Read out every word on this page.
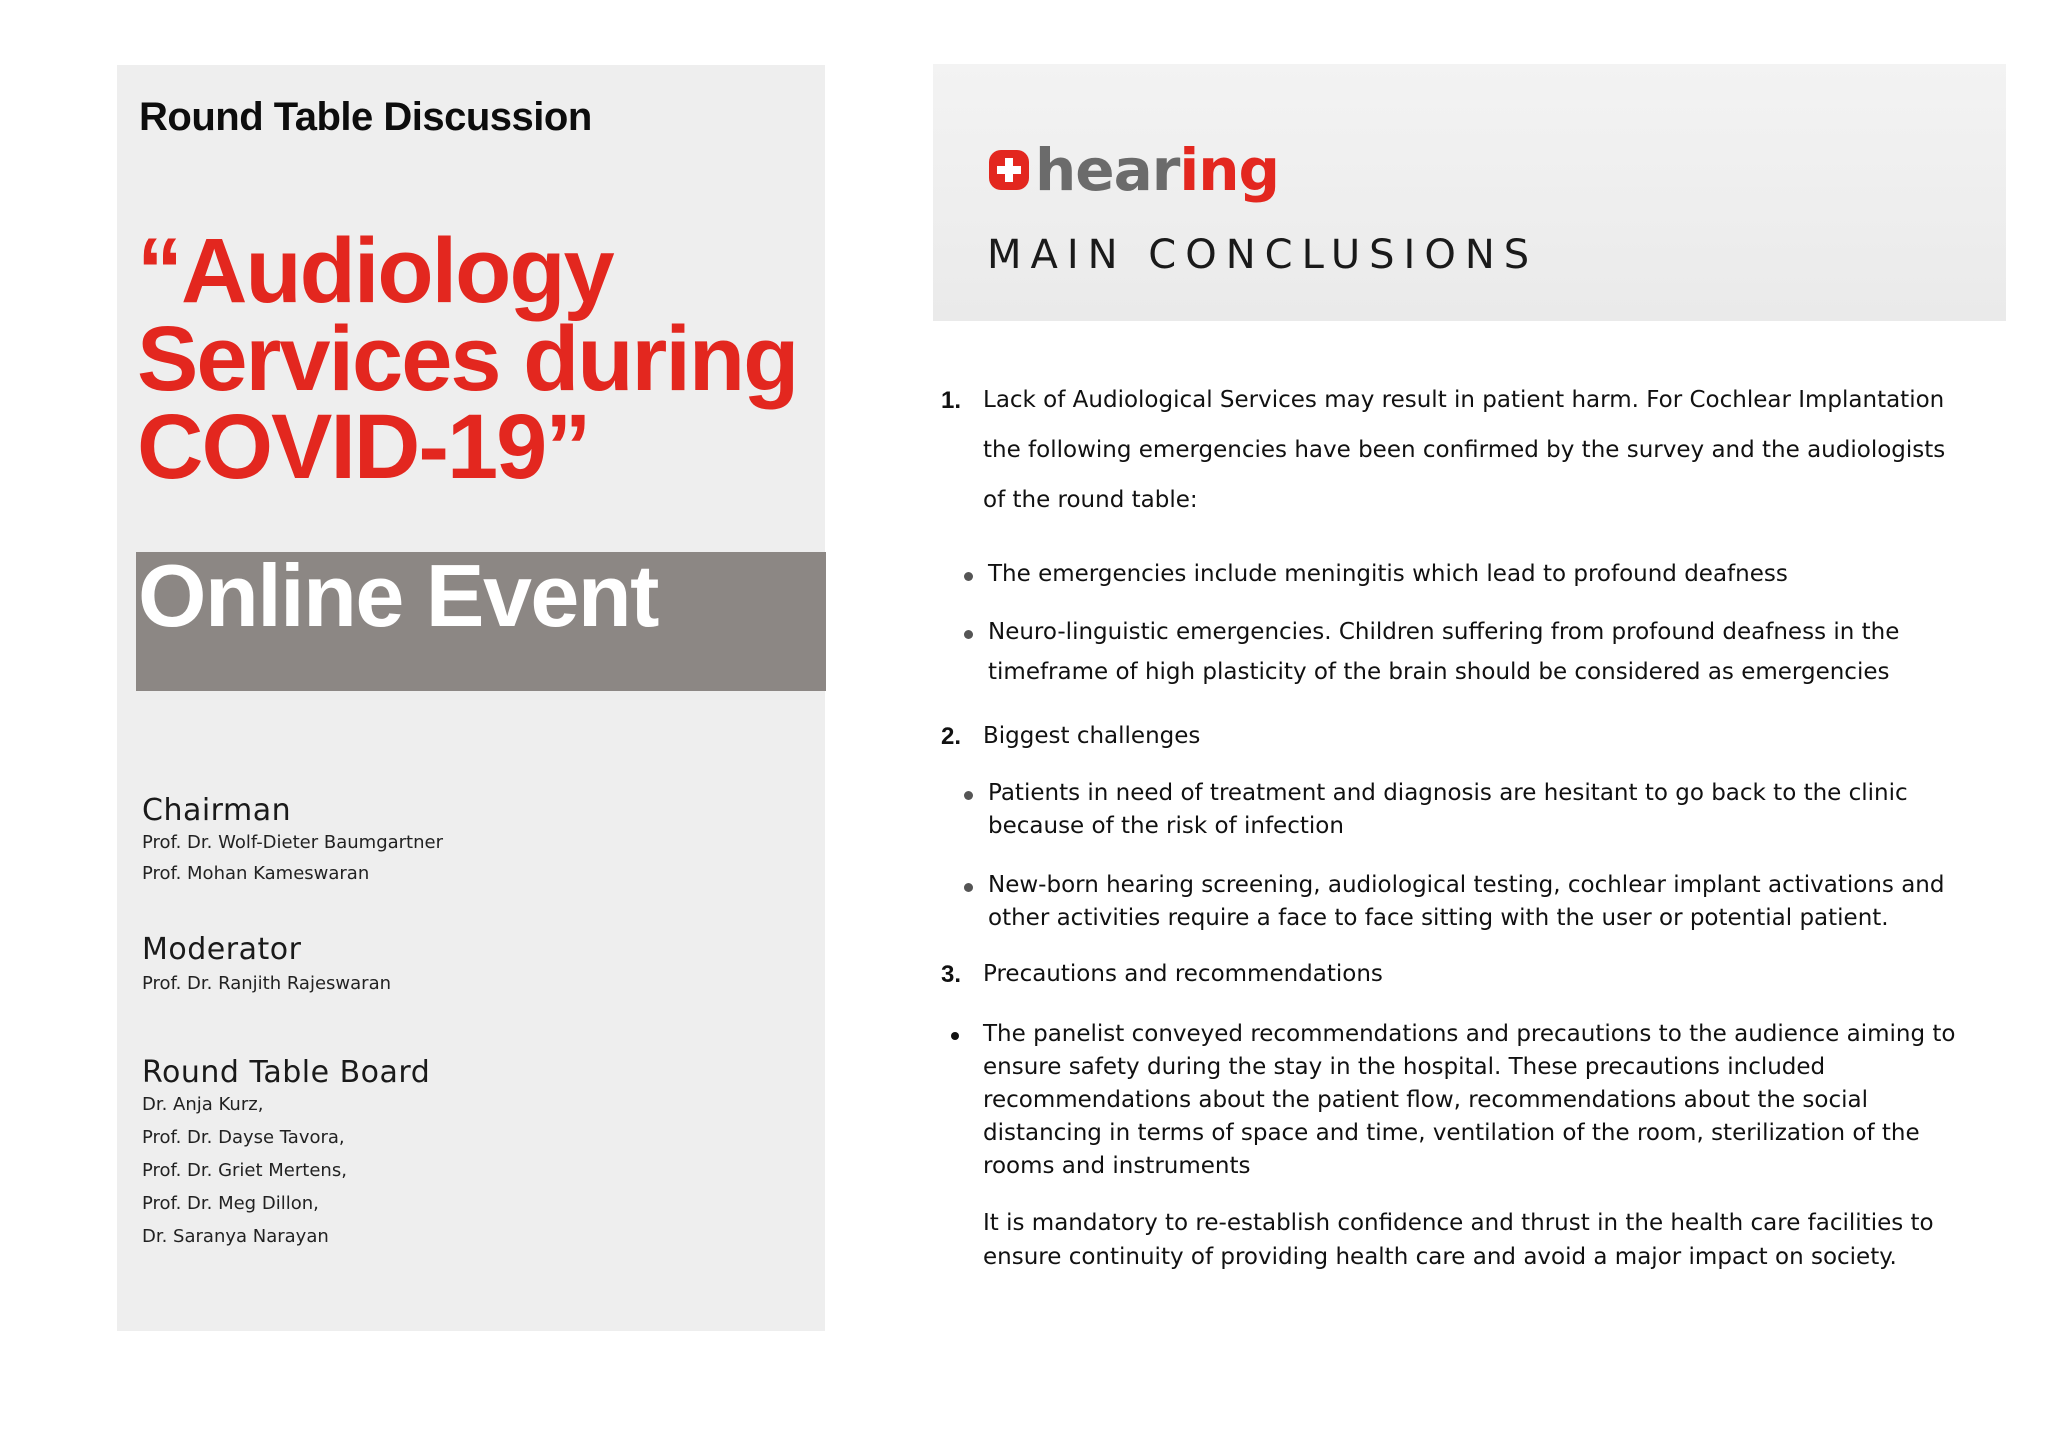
Round Table Discussion
“Audiology
Services during
COVID-19”
Online Event

Chairman

Prof. Dr. Wolf-Dieter Baumgartner

Prof. Mohan Kameswaran

Moderator

Prof. Dr. Ranjith Rajeswaran

Round Table Board

Dr. Anja Kurz,

Prof. Dr. Dayse Tavora,

Prof. Dr. Griet Mertens,

Prof. Dr. Meg Dillon,

Dr. Saranya Narayan

hearing
MAIN CONCLUSIONS
1. Lack of Audiological Services may result in patient harm. For Cochlear Implantation
the following emergencies have been confirmed by the survey and the audiologists
of the round table:
The emergencies include meningitis which lead to profound deafness
Neuro-linguistic emergencies. Children suffering from profound deafness in the
timeframe of high plasticity of the brain should be considered as emergencies
2. Biggest challenges
Patients in need of treatment and diagnosis are hesitant to go back to the clinic
because of the risk of infection
New-born hearing screening, audiological testing, cochlear implant activations and
other activities require a face to face sitting with the user or potential patient.
3. Precautions and recommendations
The panelist conveyed recommendations and precautions to the audience aiming to
ensure safety during the stay in the hospital. These precautions included
recommendations about the patient flow, recommendations about the social
distancing in terms of space and time, ventilation of the room, sterilization of the
rooms and instruments
It is mandatory to re-establish confidence and thrust in the health care facilities to
ensure continuity of providing health care and avoid a major impact on society.
